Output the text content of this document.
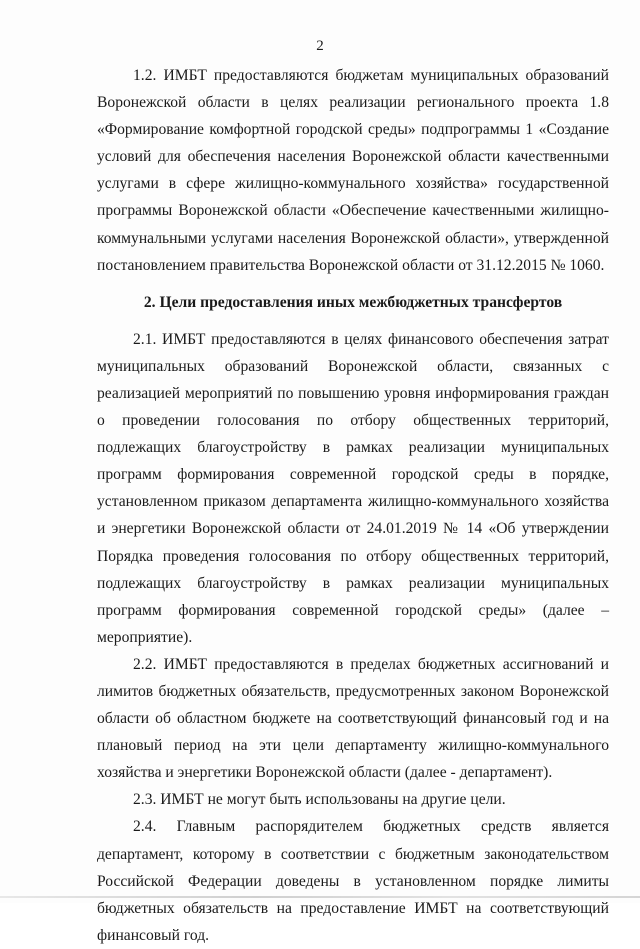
2

1.2. ИМБТ предоставляются бюджетам муниципальных образований Воронежской области в целях реализации регионального проекта 1.8 «Формирование комфортной городской среды» подпрограммы 1 «Создание условий для обеспечения населения Воронежской области качественными услугами в сфере жилищно-коммунального хозяйства» государственной программы Воронежской области «Обеспечение качественными жилищно-коммунальными услугами населения Воронежской области», утвержденной постановлением правительства Воронежской области от 31.12.2015 № 1060.

2. Цели предоставления иных межбюджетных трансфертов

2.1. ИМБТ предоставляются в целях финансового обеспечения затрат муниципальных образований Воронежской области, связанных с реализацией мероприятий по повышению уровня информирования граждан о проведении голосования по отбору общественных территорий, подлежащих благоустройству в рамках реализации муниципальных программ формирования современной городской среды в порядке, установленном приказом департамента жилищно-коммунального хозяйства и энергетики Воронежской области от 24.01.2019 № 14 «Об утверждении Порядка проведения голосования по отбору общественных территорий, подлежащих благоустройству в рамках реализации муниципальных программ формирования современной городской среды» (далее – мероприятие).

2.2. ИМБТ предоставляются в пределах бюджетных ассигнований и лимитов бюджетных обязательств, предусмотренных законом Воронежской области об областном бюджете на соответствующий финансовый год и на плановый период на эти цели департаменту жилищно-коммунального хозяйства и энергетики Воронежской области (далее - департамент).

2.3. ИМБТ не могут быть использованы на другие цели.

2.4. Главным распорядителем бюджетных средств является департамент, которому в соответствии с бюджетным законодательством Российской Федерации доведены в установленном порядке лимиты бюджетных обязательств на предоставление ИМБТ на соответствующий финансовый год.
